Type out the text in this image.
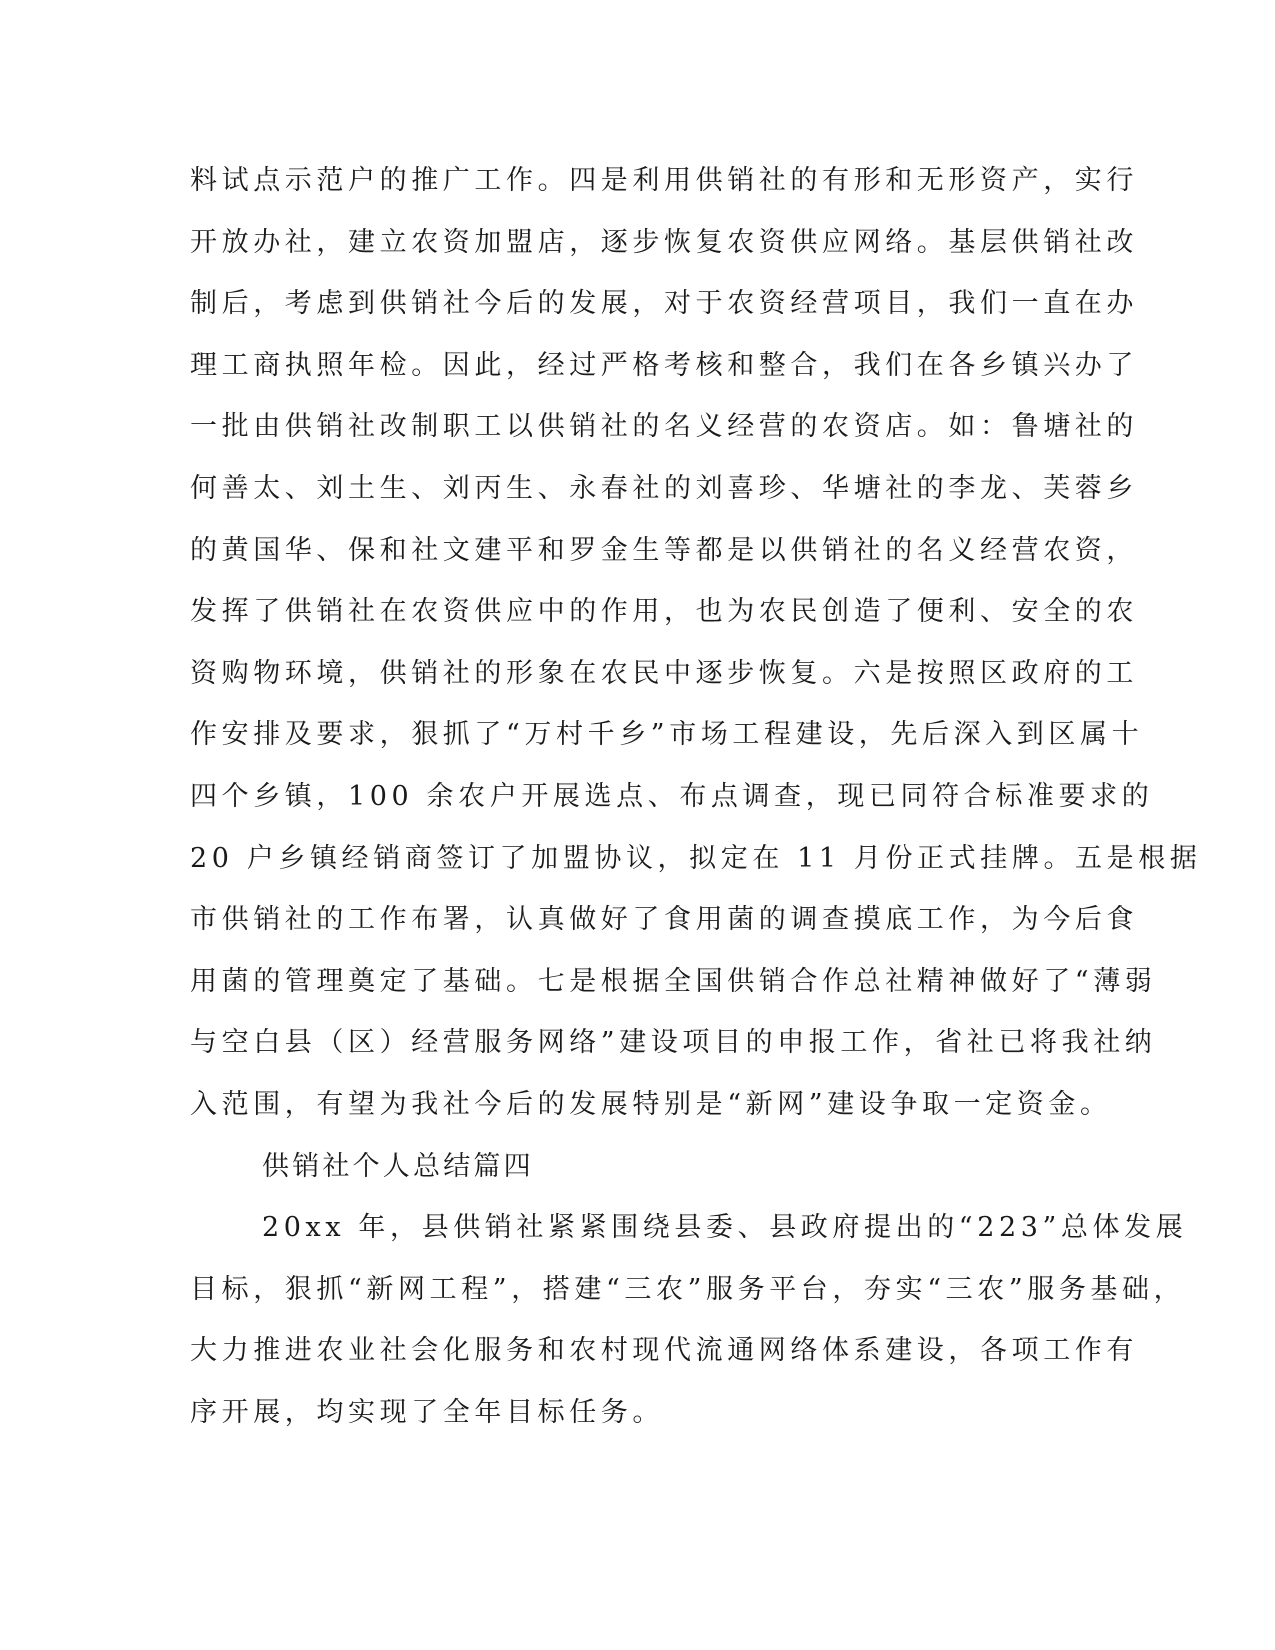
料试点示范户的推广工作。四是利用供销社的有形和无形资产，实行
开放办社，建立农资加盟店，逐步恢复农资供应网络。基层供销社改
制后，考虑到供销社今后的发展，对于农资经营项目，我们一直在办
理工商执照年检。因此，经过严格考核和整合，我们在各乡镇兴办了
一批由供销社改制职工以供销社的名义经营的农资店。如：鲁塘社的
何善太、刘土生、刘丙生、永春社的刘喜珍、华塘社的李龙、芙蓉乡
的黄国华、保和社文建平和罗金生等都是以供销社的名义经营农资，
发挥了供销社在农资供应中的作用，也为农民创造了便利、安全的农
资购物环境，供销社的形象在农民中逐步恢复。六是按照区政府的工
作安排及要求，狠抓了“万村千乡”市场工程建设，先后深入到区属十
四个乡镇，100 余农户开展选点、布点调查，现已同符合标准要求的
20 户乡镇经销商签订了加盟协议，拟定在 11 月份正式挂牌。五是根据
市供销社的工作布署，认真做好了食用菌的调查摸底工作，为今后食
用菌的管理奠定了基础。七是根据全国供销合作总社精神做好了“薄弱
与空白县（区）经营服务网络”建设项目的申报工作，省社已将我社纳
入范围，有望为我社今后的发展特别是“新网”建设争取一定资金。
供销社个人总结篇四
20xx 年，县供销社紧紧围绕县委、县政府提出的“223”总体发展
目标，狠抓“新网工程”，搭建“三农”服务平台，夯实“三农”服务基础，
大力推进农业社会化服务和农村现代流通网络体系建设，各项工作有
序开展，均实现了全年目标任务。
